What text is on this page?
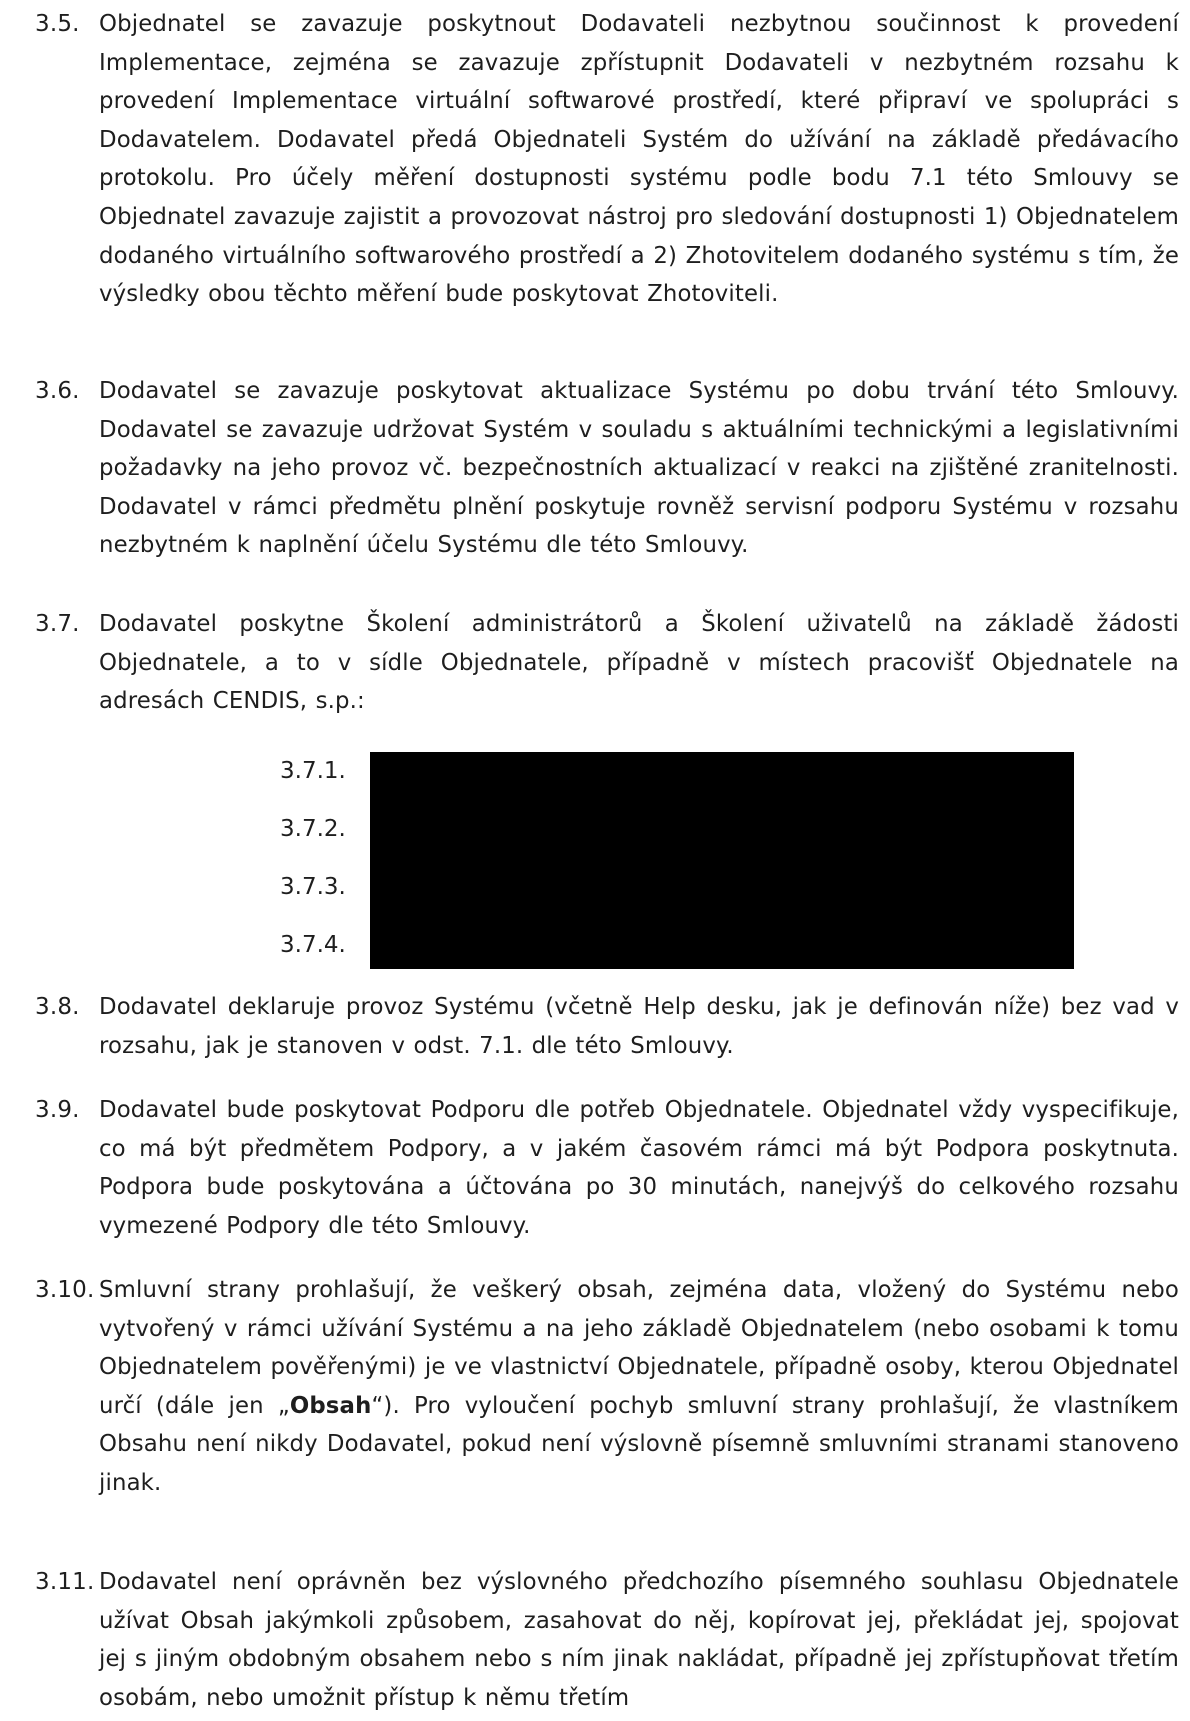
3.5. Objednatel se zavazuje poskytnout Dodavateli nezbytnou součinnost k provedení Implementace, zejména se zavazuje zpřístupnit Dodavateli v nezbytném rozsahu k provedení Implementace virtuální softwarové prostředí, které připraví ve spolupráci s Dodavatelem. Dodavatel předá Objednateli Systém do užívání na základě předávacího protokolu. Pro účely měření dostupnosti systému podle bodu 7.1 této Smlouvy se Objednatel zavazuje zajistit a provozovat nástroj pro sledování dostupnosti 1) Objednatelem dodaného virtuálního softwarového prostředí a 2) Zhotovitelem dodaného systému s tím, že výsledky obou těchto měření bude poskytovat Zhotoviteli.
3.6. Dodavatel se zavazuje poskytovat aktualizace Systému po dobu trvání této Smlouvy. Dodavatel se zavazuje udržovat Systém v souladu s aktuálními technickými a legislativními požadavky na jeho provoz vč. bezpečnostních aktualizací v reakci na zjištěné zranitelnosti. Dodavatel v rámci předmětu plnění poskytuje rovněž servisní podporu Systému v rozsahu nezbytném k naplnění účelu Systému dle této Smlouvy.
3.7. Dodavatel poskytne Školení administrátorů a Školení uživatelů na základě žádosti Objednatele, a to v sídle Objednatele, případně v místech pracovišť Objednatele na adresách CENDIS, s.p.:
3.7.1.
3.7.2.
3.7.3.
3.7.4.
3.8. Dodavatel deklaruje provoz Systému (včetně Help desku, jak je definován níže) bez vad v rozsahu, jak je stanoven v odst. 7.1. dle této Smlouvy.
3.9. Dodavatel bude poskytovat Podporu dle potřeb Objednatele. Objednatel vždy vyspecifikuje, co má být předmětem Podpory, a v jakém časovém rámci má být Podpora poskytnuta. Podpora bude poskytována a účtována po 30 minutách, nanejvýš do celkového rozsahu vymezené Podpory dle této Smlouvy.
3.10. Smluvní strany prohlašují, že veškerý obsah, zejména data, vložený do Systému nebo vytvořený v rámci užívání Systému a na jeho základě Objednatelem (nebo osobami k tomu Objednatelem pověřenými) je ve vlastnictví Objednatele, případně osoby, kterou Objednatel určí (dále jen „Obsah“). Pro vyloučení pochyb smluvní strany prohlašují, že vlastníkem Obsahu není nikdy Dodavatel, pokud není výslovně písemně smluvními stranami stanoveno jinak.
3.11. Dodavatel není oprávněn bez výslovného předchozího písemného souhlasu Objednatele užívat Obsah jakýmkoli způsobem, zasahovat do něj, kopírovat jej, překládat jej, spojovat jej s jiným obdobným obsahem nebo s ním jinak nakládat, případně jej zpřístupňovat třetím osobám, nebo umožnit přístup k němu třetím
